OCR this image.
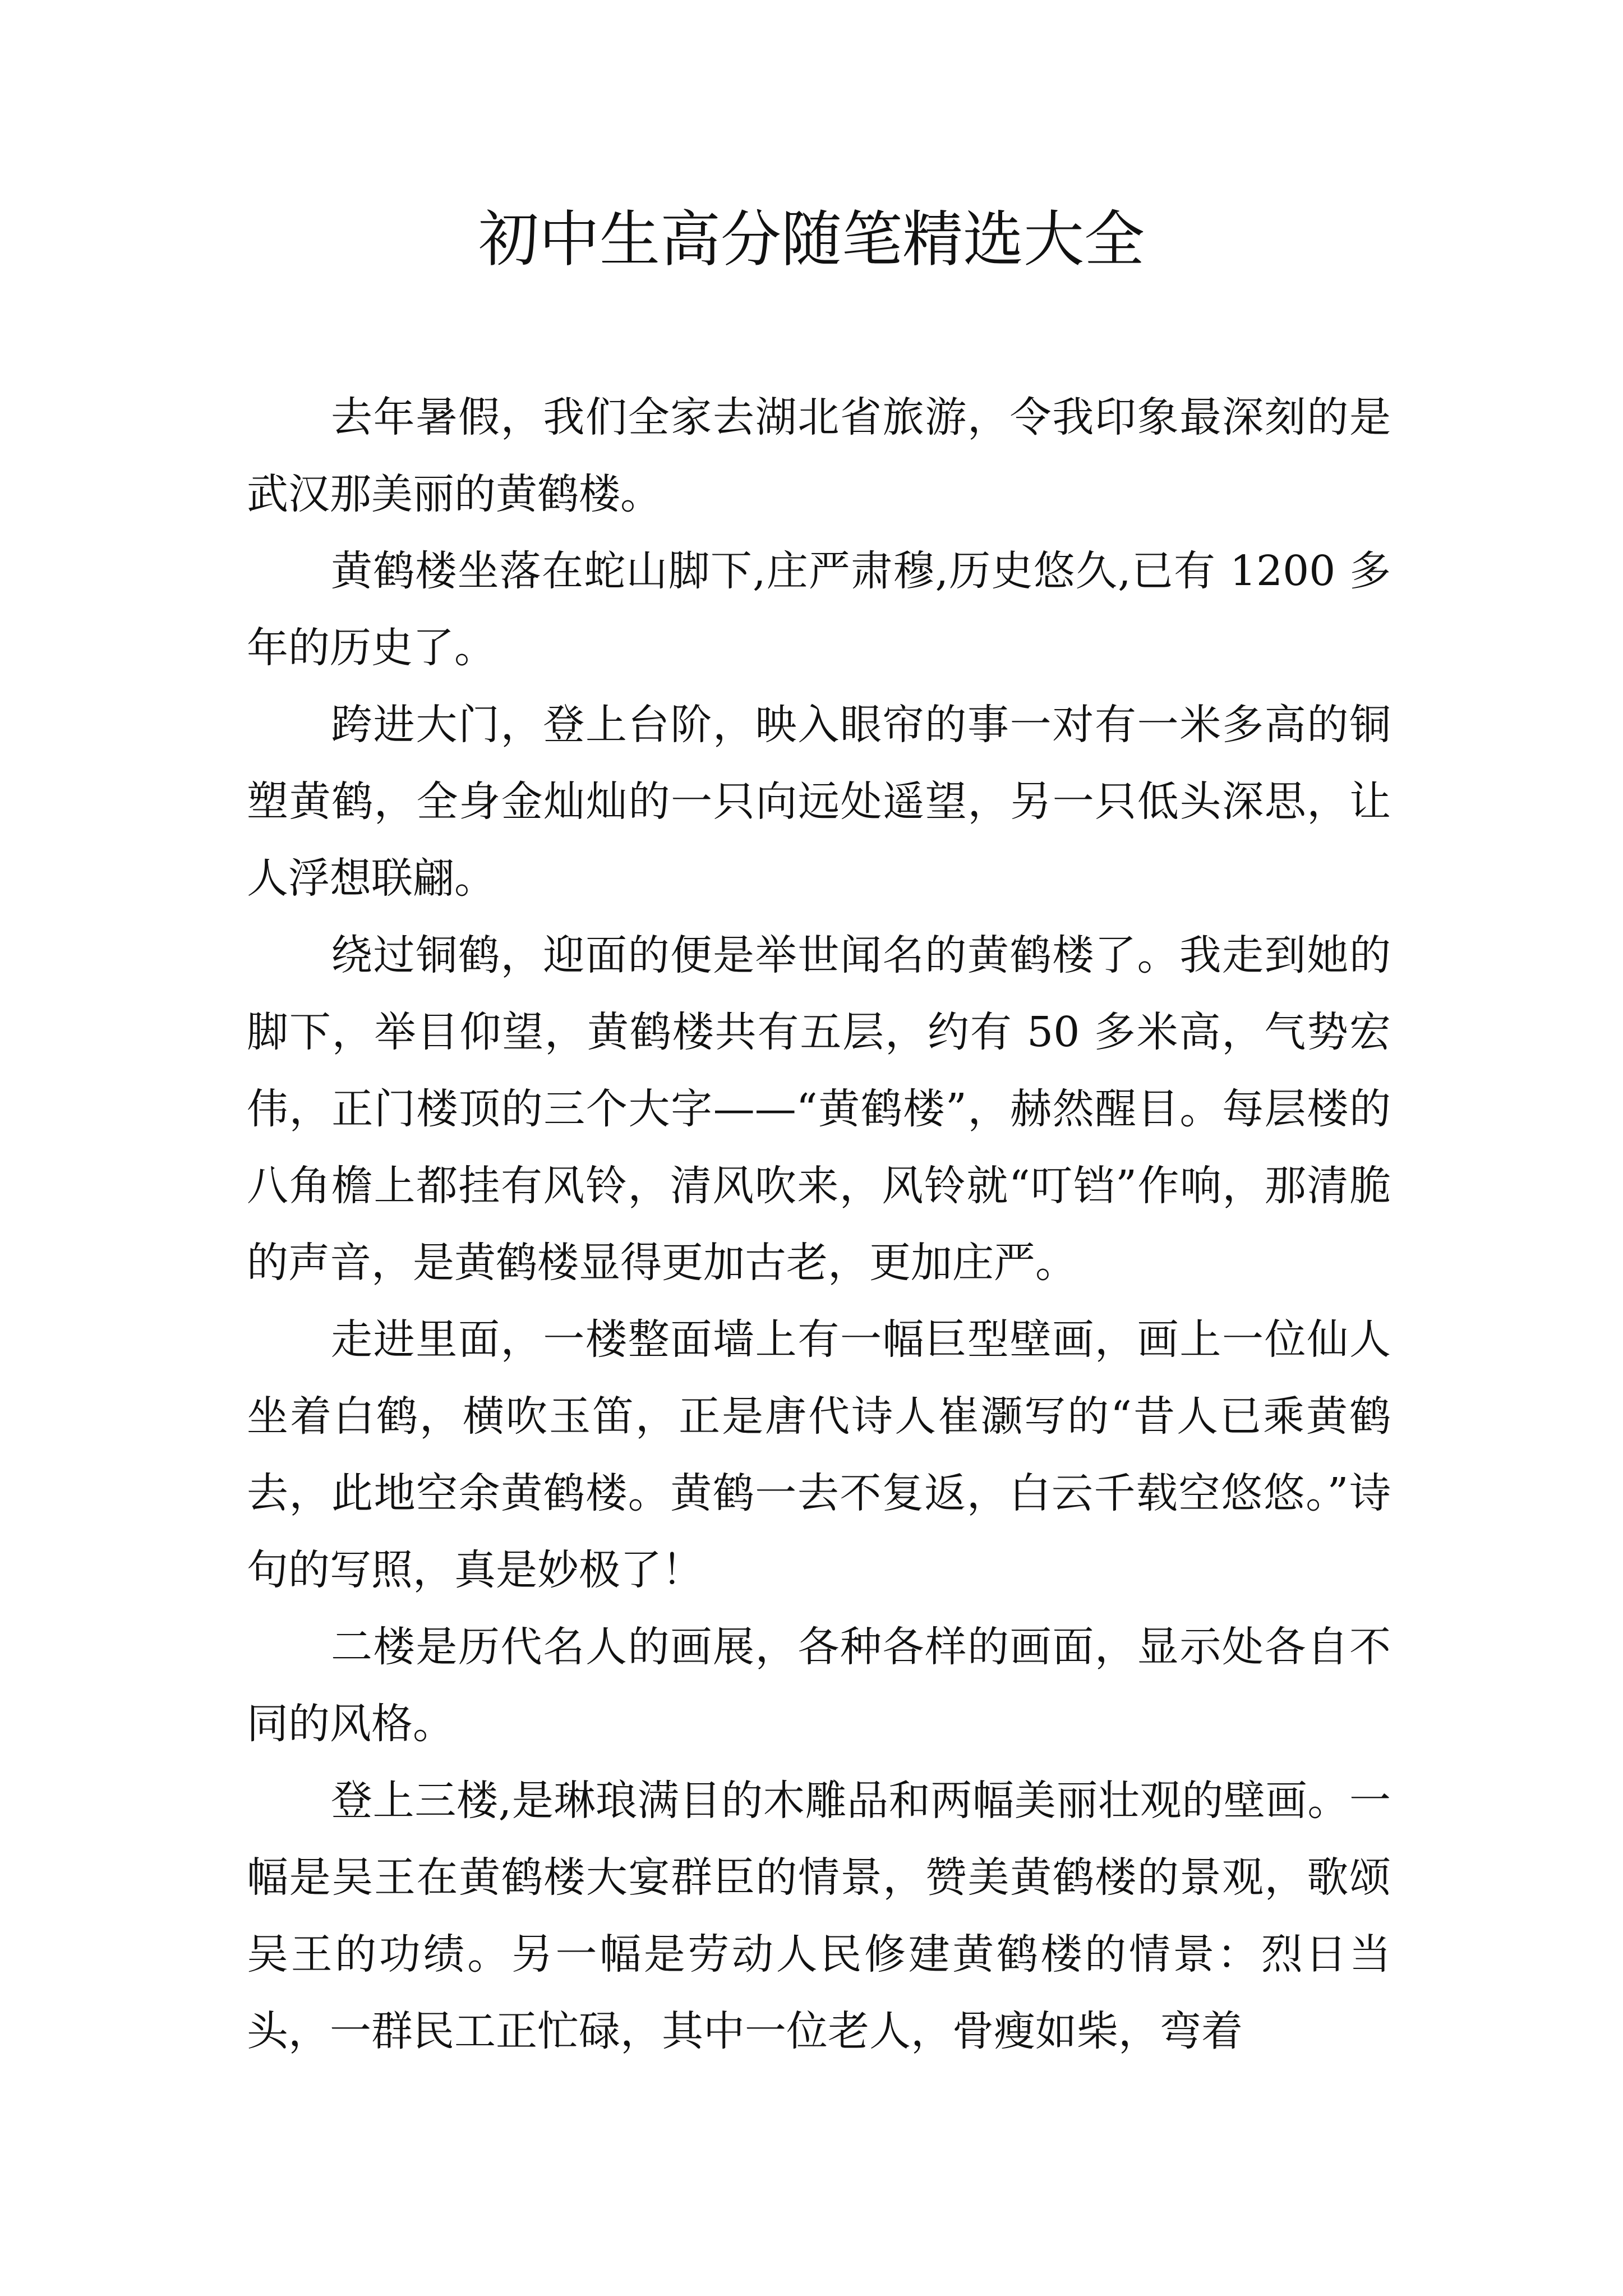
初中生高分随笔精选大全

去年暑假，我们全家去湖北省旅游，令我印象最深刻的是武汉那美丽的黄鹤楼。

黄鹤楼坐落在蛇山脚下,庄严肃穆,历史悠久,已有 1200 多年的历史了。

跨进大门，登上台阶，映入眼帘的事一对有一米多高的铜塑黄鹤，全身金灿灿的一只向远处遥望，另一只低头深思，让人浮想联翩。

绕过铜鹤，迎面的便是举世闻名的黄鹤楼了。我走到她的脚下，举目仰望，黄鹤楼共有五层，约有 50 多米高，气势宏伟，正门楼顶的三个大字——“黄鹤楼”，赫然醒目。每层楼的八角檐上都挂有风铃，清风吹来，风铃就“叮铛”作响，那清脆的声音，是黄鹤楼显得更加古老，更加庄严。

走进里面，一楼整面墙上有一幅巨型壁画，画上一位仙人坐着白鹤，横吹玉笛，正是唐代诗人崔灏写的“昔人已乘黄鹤去，此地空余黄鹤楼。黄鹤一去不复返，白云千载空悠悠。”诗句的写照，真是妙极了！

二楼是历代名人的画展，各种各样的画面，显示处各自不同的风格。

登上三楼,是琳琅满目的木雕品和两幅美丽壮观的壁画。一幅是吴王在黄鹤楼大宴群臣的情景，赞美黄鹤楼的景观，歌颂吴王的功绩。另一幅是劳动人民修建黄鹤楼的情景：烈日当头，一群民工正忙碌，其中一位老人，骨瘦如柴，弯着
